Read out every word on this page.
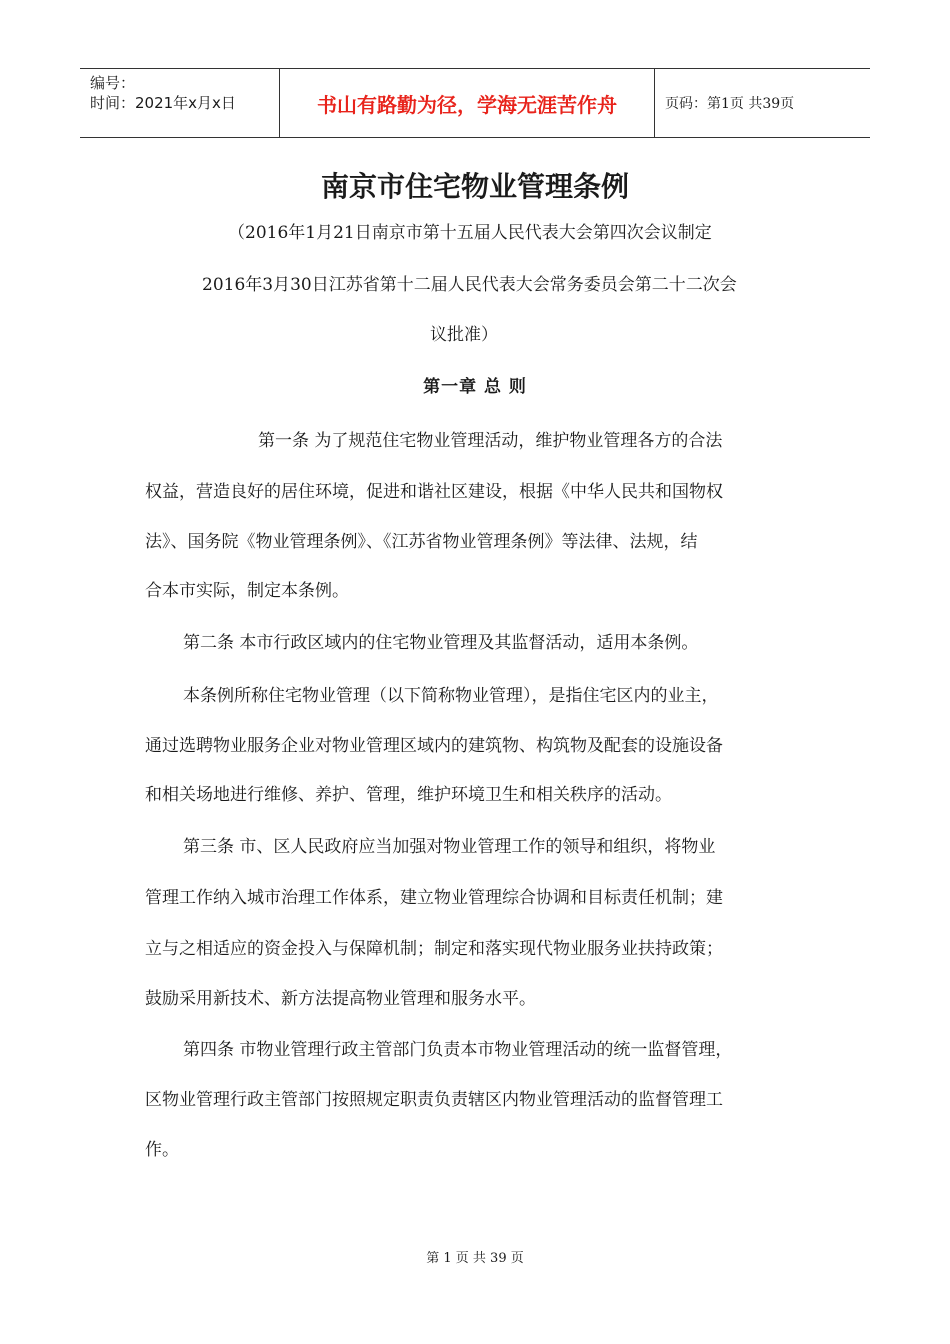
编号：
时间：2021年x月x日	书山有路勤为径，学海无涯苦作舟	页码：第1页 共39页
南京市住宅物业管理条例
（2016年1月21日南京市第十五届人民代表大会第四次会议制定
2016年3月30日江苏省第十二届人民代表大会常务委员会第二十二次会
议批准）
第一章 总 则
第一条 为了规范住宅物业管理活动，维护物业管理各方的合法
权益，营造良好的居住环境，促进和谐社区建设，根据《中华人民共和国物权
法》、国务院《物业管理条例》、《江苏省物业管理条例》等法律、法规，结
合本市实际，制定本条例。
第二条 本市行政区域内的住宅物业管理及其监督活动，适用本条例。
本条例所称住宅物业管理（以下简称物业管理），是指住宅区内的业主，
通过选聘物业服务企业对物业管理区域内的建筑物、构筑物及配套的设施设备
和相关场地进行维修、养护、管理，维护环境卫生和相关秩序的活动。
第三条 市、区人民政府应当加强对物业管理工作的领导和组织，将物业
管理工作纳入城市治理工作体系，建立物业管理综合协调和目标责任机制；建
立与之相适应的资金投入与保障机制；制定和落实现代物业服务业扶持政策；
鼓励采用新技术、新方法提高物业管理和服务水平。
第四条 市物业管理行政主管部门负责本市物业管理活动的统一监督管理，
区物业管理行政主管部门按照规定职责负责辖区内物业管理活动的监督管理工
作。
第 1 页 共 39 页
